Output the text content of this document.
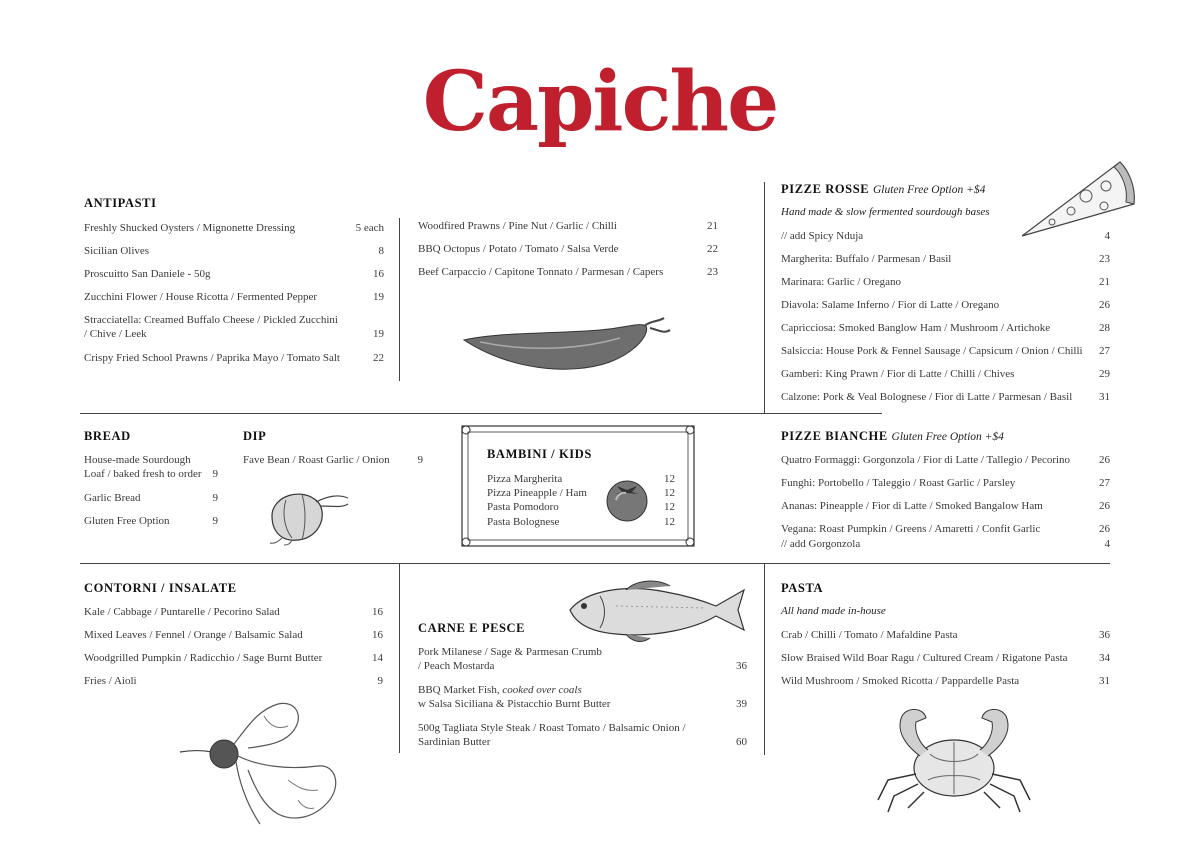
Capiche
ANTIPASTI
Freshly Shucked Oysters / Mignonette Dressing	5 each
Sicilian Olives	8
Proscuitto San Daniele - 50g	16
Zucchini Flower / House Ricotta / Fermented Pepper	19
Stracciatella: Creamed Buffalo Cheese / Pickled Zucchini
/ Chive / Leek	19
Crispy Fried School Prawns / Paprika Mayo / Tomato Salt	22
Woodfired Prawns / Pine Nut / Garlic / Chilli	21
BBQ Octopus / Potato / Tomato / Salsa Verde	22
Beef Carpaccio / Capitone Tonnato / Parmesan / Capers	23
PIZZE ROSSE Gluten Free Option +$4
Hand made & slow fermented sourdough bases
// add Spicy Nduja	4
Margherita: Buffalo / Parmesan / Basil	23
Marinara: Garlic / Oregano	21
Diavola: Salame Inferno / Fior di Latte / Oregano	26
Capricciosa: Smoked Banglow Ham / Mushroom / Artichoke	28
Salsiccia: House Pork & Fennel Sausage / Capsicum / Onion / Chilli	27
Gamberi: King Prawn / Fior di Latte / Chilli / Chives	29
Calzone: Pork & Veal Bolognese / Fior di Latte / Parmesan / Basil	31
BREAD
House-made Sourdough
Loaf / baked fresh to order 9
Garlic Bread	9
Gluten Free Option	9
DIP
Fave Bean / Roast Garlic / Onion	9	BAMBINI / KIDS
Pizza Margherita	12
Pizza Pineapple / Ham	12
Pasta Pomodoro	12
Pasta Bolognese	12
PIZZE BIANCHE Gluten Free Option +$4
Quatro Formaggi: Gorgonzola / Fior di Latte / Tallegio / Pecorino	26
Funghi: Portobello / Taleggio / Roast Garlic / Parsley	27
Ananas: Pineapple / Fior di Latte / Smoked Bangalow Ham	26
Vegana: Roast Pumpkin / Greens / Amaretti / Confit Garlic	26
// add Gorgonzola	4
CONTORNI / INSALATE
Kale / Cabbage / Puntarelle / Pecorino Salad	16
Mixed Leaves / Fennel / Orange / Balsamic Salad	16
Woodgrilled Pumpkin / Radicchio / Sage Burnt Butter	14
Fries / Aioli	9
CARNE E PESCE
Pork Milanese / Sage & Parmesan Crumb
/ Peach Mostarda	36
BBQ Market Fish, cooked over coals
w Salsa Siciliana & Pistacchio Burnt Butter	39
500g Tagliata Style Steak / Roast Tomato / Balsamic Onion /
Sardinian Butter	60
PASTA
All hand made in-house
Crab / Chilli / Tomato / Mafaldine Pasta	36
Slow Braised Wild Boar Ragu / Cultured Cream / Rigatone Pasta	34
Wild Mushroom / Smoked Ricotta / Pappardelle Pasta	31
